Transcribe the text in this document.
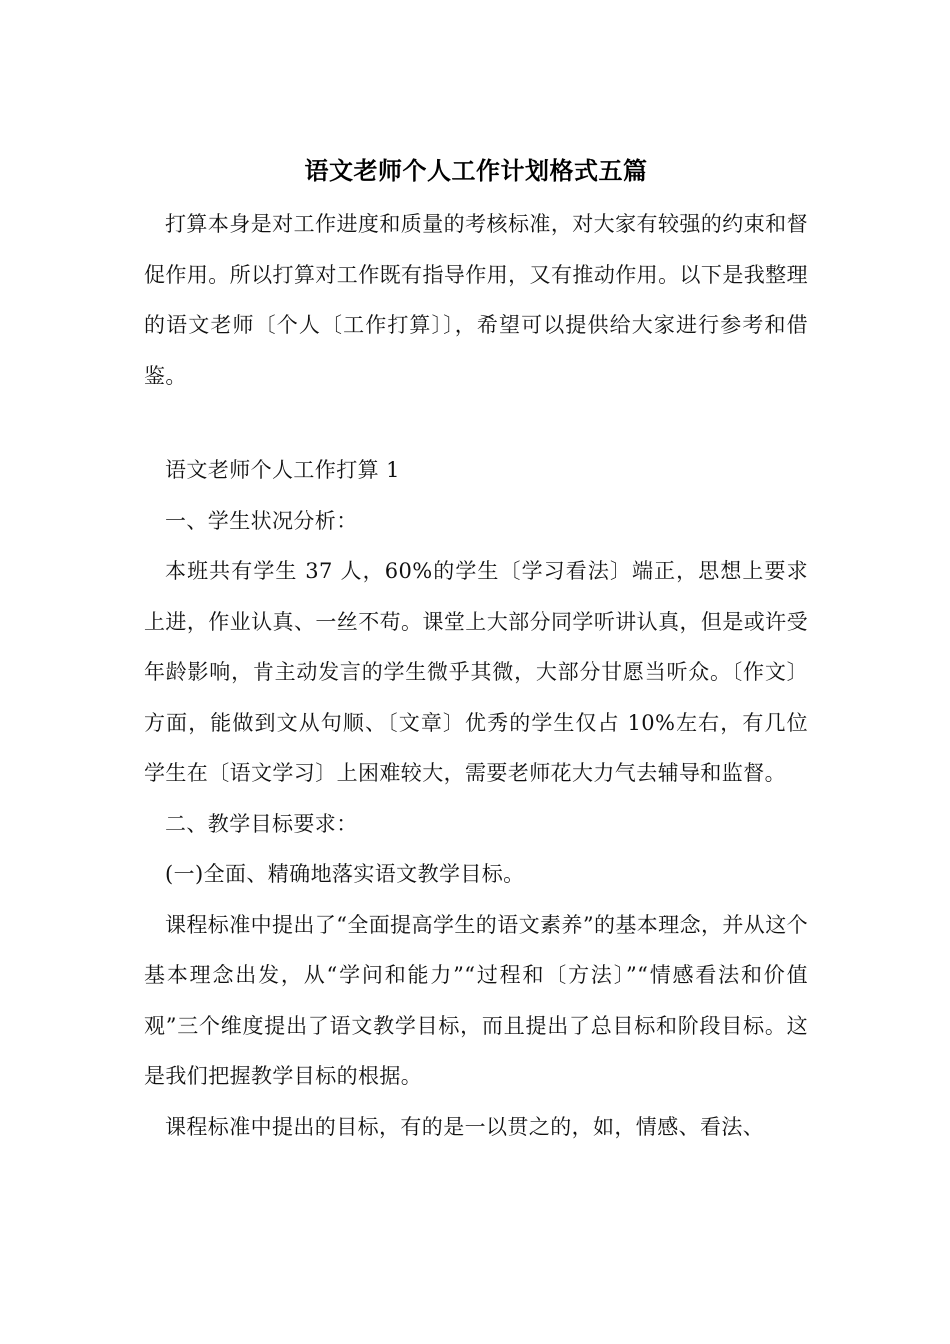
语文老师个人工作计划格式五篇

打算本身是对工作进度和质量的考核标准，对大家有较强的约束和督促作用。所以打算对工作既有指导作用，又有推动作用。以下是我整理的语文老师〔个人〔工作打算〕〕，希望可以提供给大家进行参考和借鉴。

语文老师个人工作打算 1

一、学生状况分析：

本班共有学生 37 人，60%的学生〔学习看法〕端正，思想上要求上进，作业认真、一丝不苟。课堂上大部分同学听讲认真，但是或许受年龄影响，肯主动发言的学生微乎其微，大部分甘愿当听众。〔作文〕方面，能做到文从句顺、〔文章〕优秀的学生仅占 10%左右，有几位学生在〔语文学习〕上困难较大，需要老师花大力气去辅导和监督。

二、教学目标要求：

(一)全面、精确地落实语文教学目标。

课程标准中提出了“全面提高学生的语文素养”的基本理念，并从这个基本理念出发，从“学问和能力”“过程和〔方法〕”“情感看法和价值观”三个维度提出了语文教学目标，而且提出了总目标和阶段目标。这是我们把握教学目标的根据。

课程标准中提出的目标，有的是一以贯之的，如，情感、看法、
